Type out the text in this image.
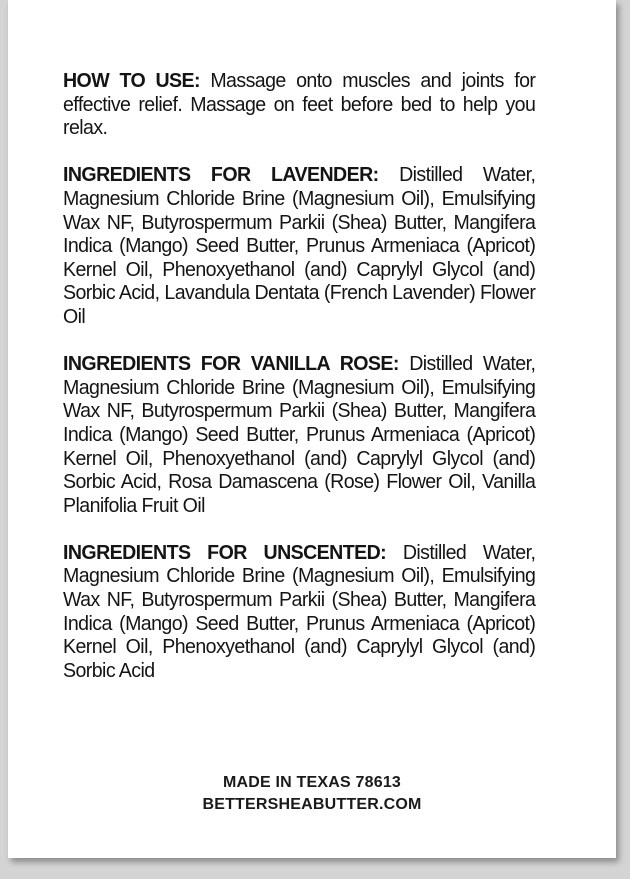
HOW TO USE: Massage onto muscles and joints for effective relief. Massage on feet before bed to help you relax.

INGREDIENTS FOR LAVENDER: Distilled Water, Magnesium Chloride Brine (Magnesium Oil), Emulsifying Wax NF, Butyrospermum Parkii (Shea) Butter, Mangifera Indica (Mango) Seed Butter, Prunus Armeniaca (Apricot) Kernel Oil, Phenoxyethanol (and) Caprylyl Glycol (and) Sorbic Acid, Lavandula Dentata (French Lavender) Flower Oil

INGREDIENTS FOR VANILLA ROSE: Distilled Water, Magnesium Chloride Brine (Magnesium Oil), Emulsifying Wax NF, Butyrospermum Parkii (Shea) Butter, Mangifera Indica (Mango) Seed Butter, Prunus Armeniaca (Apricot) Kernel Oil, Phenoxyethanol (and) Caprylyl Glycol (and) Sorbic Acid, Rosa Damascena (Rose) Flower Oil, Vanilla Planifolia Fruit Oil

INGREDIENTS FOR UNSCENTED: Distilled Water, Magnesium Chloride Brine (Magnesium Oil), Emulsifying Wax NF, Butyrospermum Parkii (Shea) Butter, Mangifera Indica (Mango) Seed Butter, Prunus Armeniaca (Apricot) Kernel Oil, Phenoxyethanol (and) Caprylyl Glycol (and) Sorbic Acid

MADE IN TEXAS 78613
BETTERSHEABUTTER.COM
